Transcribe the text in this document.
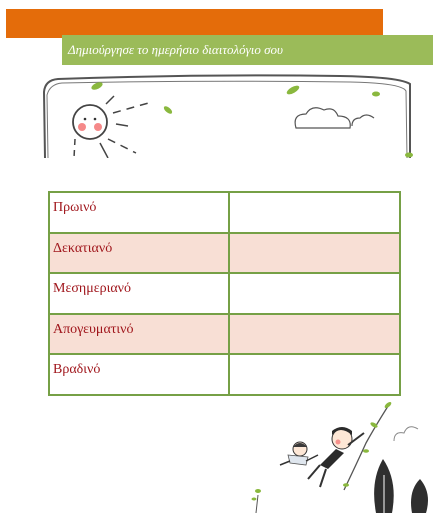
Δημιούργησε το ημερήσιο διαιτολόγιο σου
Πρωινό	
Δεκατιανό	
Μεσημεριανό	
Απογευματινό	
Βραδινό	
